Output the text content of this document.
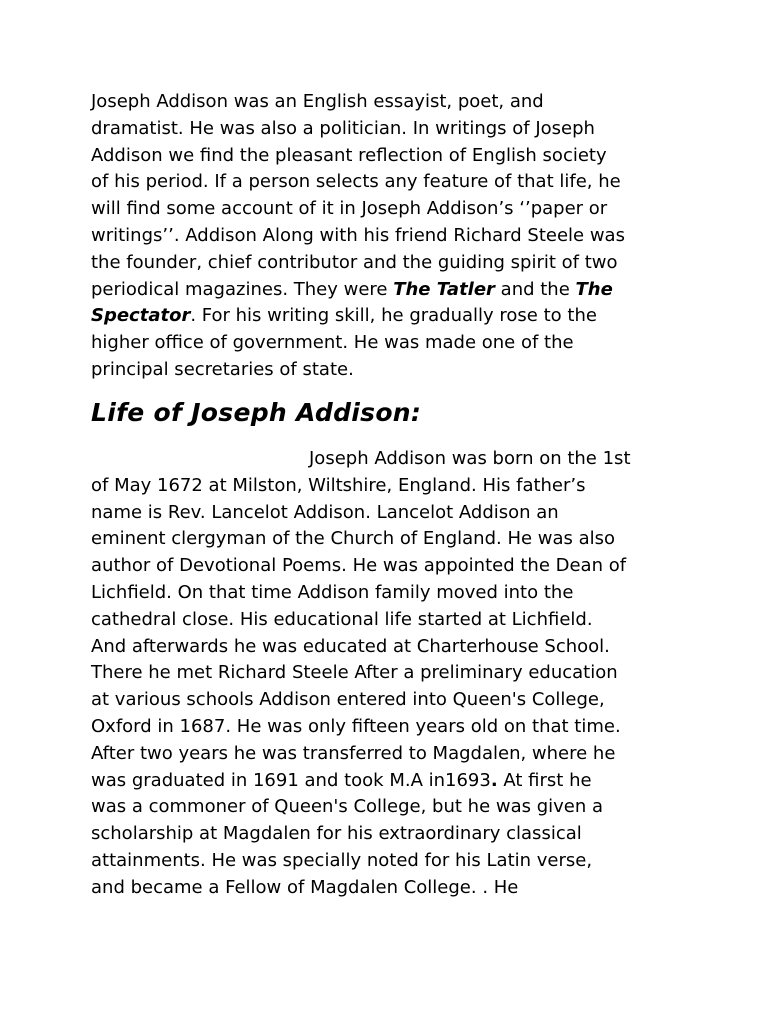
Joseph Addison was an English essayist, poet, and
dramatist. He was also a politician. In writings of Joseph
Addison we find the pleasant reflection of English society
of his period. If a person selects any feature of that life, he
will find some account of it in Joseph Addison’s ‘’paper or
writings’’. Addison Along with his friend Richard Steele was
the founder, chief contributor and the guiding spirit of two
periodical magazines. They were The Tatler and the The
Spectator. For his writing skill, he gradually rose to the
higher office of government. He was made one of the
principal secretaries of state.
Life of Joseph Addison:
Joseph Addison was born on the 1st
of May 1672 at Milston, Wiltshire, England. His father’s
name is Rev. Lancelot Addison. Lancelot Addison an
eminent clergyman of the Church of England. He was also
author of Devotional Poems. He was appointed the Dean of
Lichfield. On that time Addison family moved into the
cathedral close. His educational life started at Lichfield.
And afterwards he was educated at Charterhouse School.
There he met Richard Steele After a preliminary education
at various schools Addison entered into Queen's College,
Oxford in 1687. He was only fifteen years old on that time.
After two years he was transferred to Magdalen, where he
was graduated in 1691 and took M.A in1693. At first he
was a commoner of Queen's College, but he was given a
scholarship at Magdalen for his extraordinary classical
attainments. He was specially noted for his Latin verse,
and became a Fellow of Magdalen College. . He
